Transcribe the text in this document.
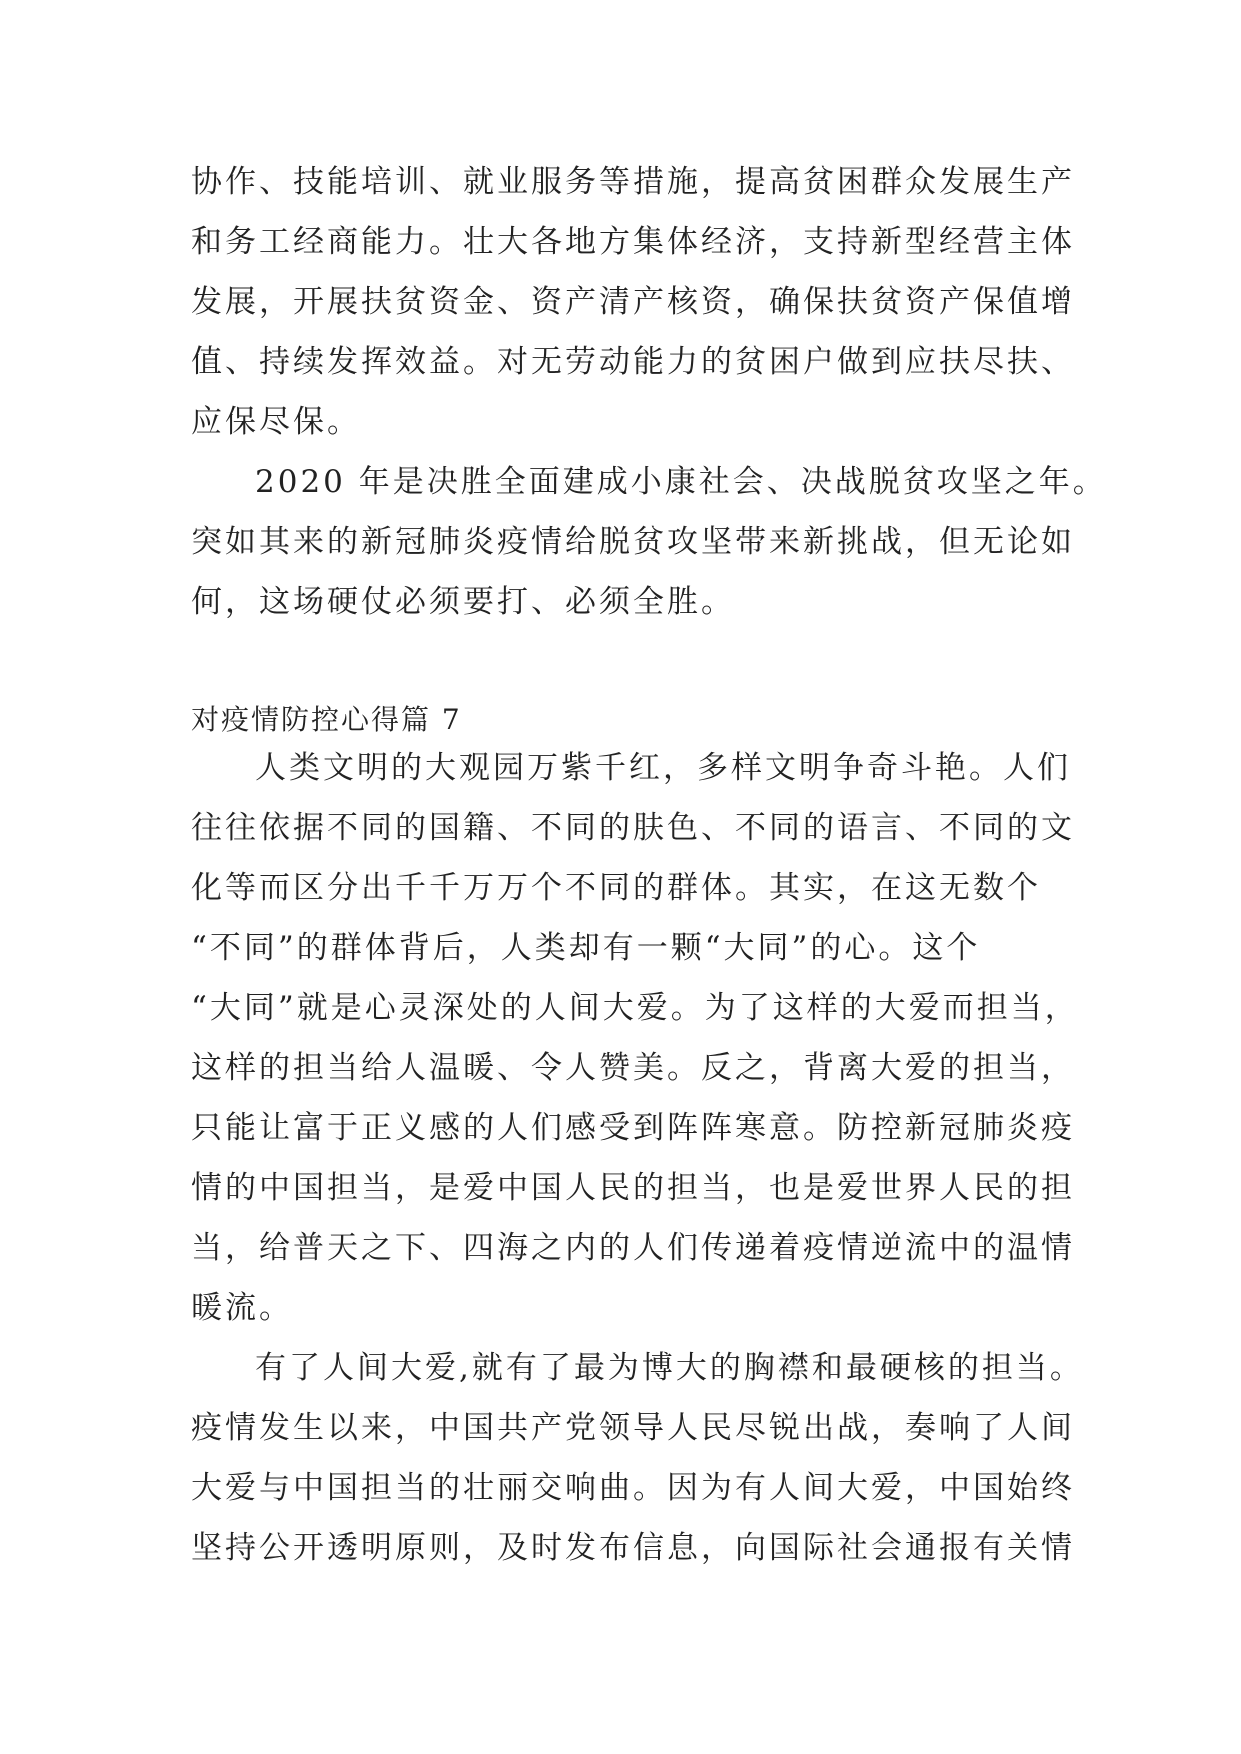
协作、技能培训、就业服务等措施，提高贫困群众发展生产
和务工经商能力。壮大各地方集体经济，支持新型经营主体
发展，开展扶贫资金、资产清产核资，确保扶贫资产保值增
值、持续发挥效益。对无劳动能力的贫困户做到应扶尽扶、
应保尽保。
2020 年是决胜全面建成小康社会、决战脱贫攻坚之年。
突如其来的新冠肺炎疫情给脱贫攻坚带来新挑战，但无论如
何，这场硬仗必须要打、必须全胜。
对疫情防控心得篇 7
人类文明的大观园万紫千红，多样文明争奇斗艳。人们
往往依据不同的国籍、不同的肤色、不同的语言、不同的文
化等而区分出千千万万个不同的群体。其实，在这无数个
“不同”的群体背后，人类却有一颗“大同”的心。这个
“大同”就是心灵深处的人间大爱。为了这样的大爱而担当，
这样的担当给人温暖、令人赞美。反之，背离大爱的担当，
只能让富于正义感的人们感受到阵阵寒意。防控新冠肺炎疫
情的中国担当，是爱中国人民的担当，也是爱世界人民的担
当，给普天之下、四海之内的人们传递着疫情逆流中的温情
暖流。
有了人间大爱,就有了最为博大的胸襟和最硬核的担当。
疫情发生以来，中国共产党领导人民尽锐出战，奏响了人间
大爱与中国担当的壮丽交响曲。因为有人间大爱，中国始终
坚持公开透明原则，及时发布信息，向国际社会通报有关情
